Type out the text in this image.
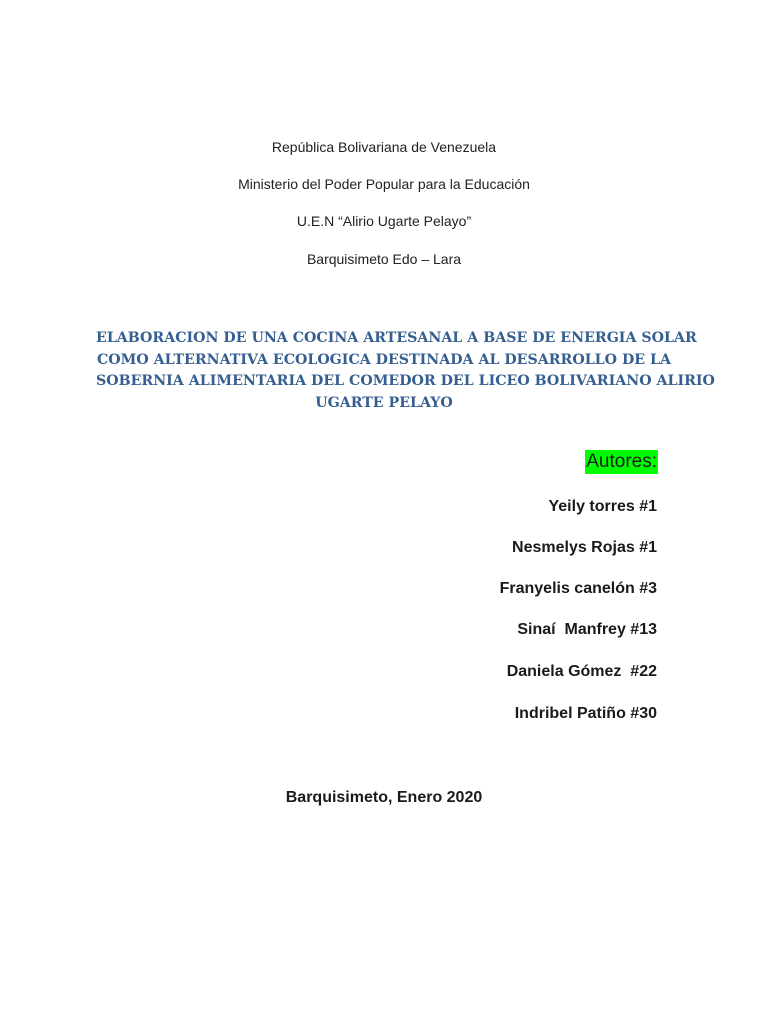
República Bolivariana de Venezuela
Ministerio del Poder Popular para la Educación
U.E.N “Alirio Ugarte Pelayo”
Barquisimeto Edo – Lara
ELABORACION DE UNA COCINA ARTESANAL A BASE DE ENERGIA SOLAR
COMO ALTERNATIVA ECOLOGICA DESTINADA AL DESARROLLO DE LA
SOBERNIA ALIMENTARIA DEL COMEDOR DEL LICEO BOLIVARIANO ALIRIO
UGARTE PELAYO
Autores:
Yeily torres #1
Nesmelys Rojas #1
Franyelis canelón #3
Sinaí  Manfrey #13
Daniela Gómez  #22
Indribel Patiño #30
Barquisimeto, Enero 2020
